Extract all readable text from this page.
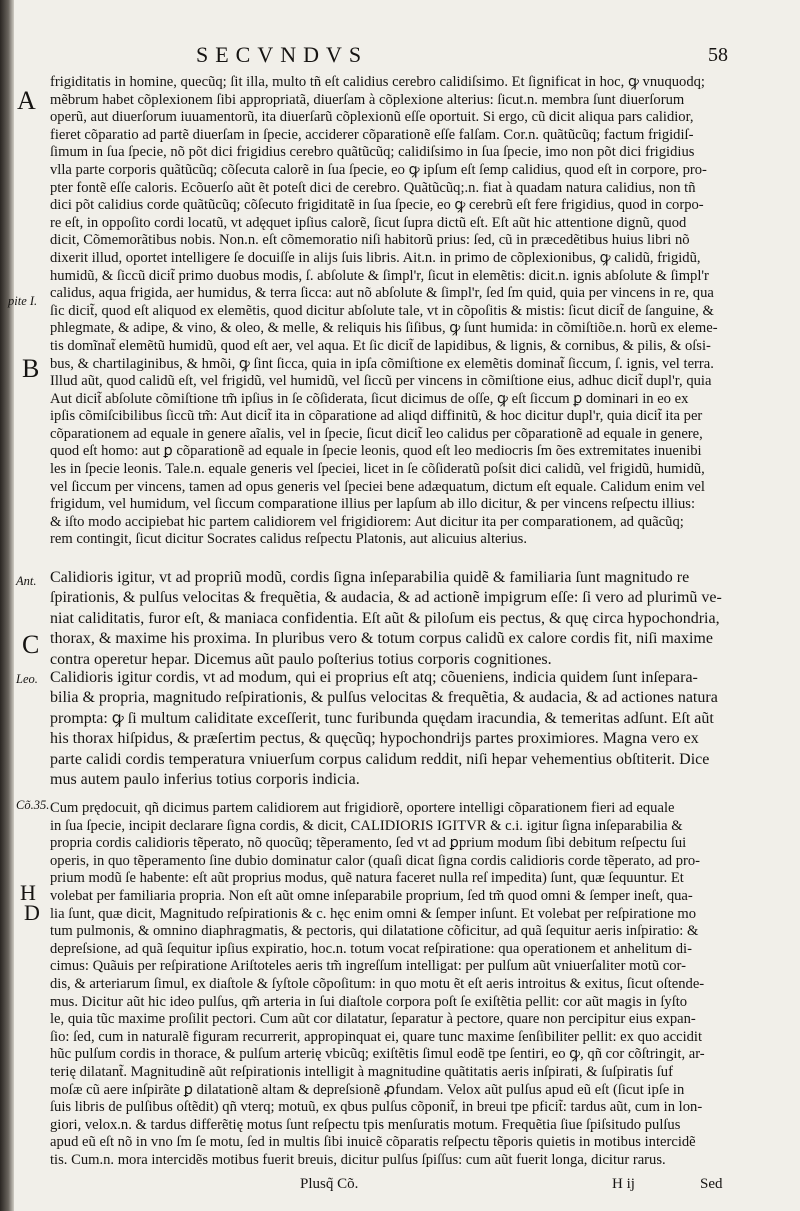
SECVNDVS	58
A
pite I.
B
Ant.
C
Leo.
Cõ.35.
H
D
frigiditatis in homine, quecũq; ſit illa, multo tñ eſt calidius cerebro calidiſsimo. Et ſignificat in hoc, ꝙ vnuquodq;
mẽbrum habet cõplexionem ſibi appropriatã, diuerſam à cõplexione alterius: ſicut.n. membra ſunt diuerſorum
operũ, aut diuerſorum iuuamentorũ, ita diuerſarũ cõplexionũ eſſe oportuit. Si ergo, cũ dicit aliqua pars calidior,
fieret cõparatio ad partẽ diuerſam in ſpecie, acciderer cõparationẽ eſſe falſam. Cor.n. quãtũcũq; factum frigidiſ-
ſimum in ſua ſpecie, nõ põt dici frigidius cerebro quãtũcũq; calidiſsimo in ſua ſpecie, imo non põt dici frigidius
vlla parte corporis quãtũcũq; cõſecuta calorẽ in ſua ſpecie, eo ꝙ ipſum eſt ſemp calidius, quod eſt in corpore, pro-
pter fontẽ eſſe caloris. Ecõuerſo aũt ẽt poteſt dici de cerebro. Quãtũcũq;.n. fiat à quadam natura calidius, non tñ
dici põt calidius corde quãtũcũq; cõſecuto frigiditatẽ in ſua ſpecie, eo ꝙ cerebrũ eſt fere frigidius, quod in corpo-
re eſt, in oppoſito cordi locatũ, vt adęquet ipſius calorẽ, ſicut ſupra dictũ eſt. Eſt aũt hic attentione dignũ, quod
dicit, Cõmemorãtibus nobis. Non.n. eſt cõmemoratio niſi habitorũ prius: ſed, cũ in præcedẽtibus huius libri nõ
dixerit illud, oportet intelligere ſe docuiſſe in alijs ſuis libris. Ait.n. in primo de cõplexionibus, ꝙ calidũ, frigidũ,
humidũ, & ſiccũ dicit̃ primo duobus modis, ſ. abſolute & ſimpl'r, ſicut in elemẽtis: dicit.n. ignis abſolute & ſimpl'r
calidus, aqua frigida, aer humidus, & terra ſicca: aut nõ abſolute & ſimpl'r, ſed ſm quid, quia per vincens in re, qua
ſic dicit̃, quod eſt aliquod ex elemẽtis, quod dicitur abſolute tale, vt in cõpoſitis & mistis: ſicut dicit̃ de ſanguine, &
phlegmate, & adipe, & vino, & oleo, & melle, & reliquis his ſiſibus, ꝙ ſunt humida: in cõmiſtiõe.n. horũ ex eleme-
tis domĩnat̃ elemẽtũ humidũ, quod eſt aer, vel aqua. Et ſic dicit̃ de lapidibus, & lignis, & cornibus, & pilis, & oſsi-
bus, & chartilaginibus, & hmõi, ꝙ ſint ſicca, quia in ipſa cõmiſtione ex elemẽtis dominat̃ ſiccum, ſ. ignis, vel terra.
Illud aũt, quod calidũ eſt, vel frigidũ, vel humidũ, vel ſiccũ per vincens in cõmiſtione eius, adhuc dicit̃ dupl'r, quia
Aut dicit̃ abſolute cõmiſtione tm̃ ipſius in ſe cõſiderata, ſicut dicimus de oſſe, ꝙ eſt ſiccum ꝑ dominari in eo ex
ipſis cõmiſcibilibus ſiccũ tm̃: Aut dicit̃ ita in cõparatione ad aliqd diffinitũ, & hoc dicitur dupl'r, quia dicit̃ ita per
cõparationem ad equale in genere aĩalis, vel in ſpecie, ſicut dicit̃ leo calidus per cõparationẽ ad equale in genere,
quod eſt homo: aut ꝑ cõparationẽ ad equale in ſpecie leonis, quod eſt leo mediocris ſm ões extremitates inuenibi
les in ſpecie leonis. Tale.n. equale generis vel ſpeciei, licet in ſe cõſideratũ poſsit dici calidũ, vel frigidũ, humidũ,
vel ſiccum per vincens, tamen ad opus generis vel ſpeciei bene adæquatum, dictum eſt equale. Calidum enim vel
frigidum, vel humidum, vel ſiccum comparatione illius per lapſum ab illo dicitur, & per vincens reſpectu illius:
& iſto modo accipiebat hic partem calidiorem vel frigidiorem: Aut dicitur ita per comparationem, ad quãcũq;
rem contingit, ſicut dicitur Socrates calidus reſpectu Platonis, aut alicuius alterius.
Calidioris igitur, vt ad propriũ modũ, cordis ſigna inſeparabilia quidẽ & familiaria ſunt magnitudo re
ſpirationis, & pulſus velocitas & frequẽtia, & audacia, & ad actionẽ impigrum eſſe: ſi vero ad plurimũ ve-
niat caliditatis, furor eſt, & maniaca confidentia. Eſt aũt & piloſum eis pectus, & quę circa hypochondria,
thorax, & maxime his proxima. In pluribus vero & totum corpus calidũ ex calore cordis fit, niſi maxime
contra operetur hepar. Dicemus aũt paulo poſterius totius corporis cognitiones.
Calidioris igitur cordis, vt ad modum, qui ei proprius eſt atq; cõueniens, indicia quidem ſunt inſepara-
bilia & propria, magnitudo reſpirationis, & pulſus velocitas & frequẽtia, & audacia, & ad actiones natura
prompta: ꝙ ſi multum caliditate exceſſerit, tunc furibunda quędam iracundia, & temeritas adſunt. Eſt aũt
his thorax hiſpidus, & præſertim pectus, & quęcũq; hypochondrijs partes proximiores. Magna vero ex
parte calidi cordis temperatura vniuerſum corpus calidum reddit, niſi hepar vehementius obſtiterit. Dice
mus autem paulo inferius totius corporis indicia.
Cum prędocuit, qñ dicimus partem calidiorem aut frigidiorẽ, oportere intelligi cõparationem fieri ad equale
in ſua ſpecie, incipit declarare ſigna cordis, & dicit, CALIDIORIS IGITVR & c.i. igitur ſigna inſeparabilia &
propria cordis calidioris tẽperato, nõ quocũq; tẽperamento, ſed vt ad ꝑprium modum ſibi debitum reſpectu ſui
operis, in quo tẽperamento ſine dubio dominatur calor (quaſi dicat ſigna cordis calidioris corde tẽperato, ad pro-
prium modũ ſe habente: eſt aũt proprius modus, quẽ natura faceret nulla reſ impedita) ſunt, quæ ſequuntur. Et
volebat per familiaria propria. Non eſt aũt omne inſeparabile proprium, ſed tm̃ quod omni & ſemper ineſt, qua-
lia ſunt, quæ dicit, Magnitudo reſpirationis & c. hęc enim omni & ſemper inſunt. Et volebat per reſpiratione mo
tum pulmonis, & omnino diaphragmatis, & pectoris, qui dilatatione cõficitur, ad quã ſequitur aeris inſpiratio: &
depreſsione, ad quã ſequitur ipſius expiratio, hoc.n. totum vocat reſpiratione: qua operationem et anhelitum di-
cimus: Quãuis per reſpiratione Ariſtoteles aeris tm̃ ingreſſum intelligat: per pulſum aũt vniuerſaliter motũ cor-
dis, & arteriarum ſimul, ex diaſtole & ſyſtole cõpoſitum: in quo motu ẽt eſt aeris introitus & exitus, ſicut oſtende-
mus. Dicitur aũt hic ideo pulſus, qm̃ arteria in ſui diaſtole corpora poſt ſe exiſtẽtia pellit: cor aũt magis in ſyſto
le, quia tũc maxime proſilit pectori. Cum aũt cor dilatatur, ſeparatur à pectore, quare non percipitur eius expan-
ſio: ſed, cum in naturalẽ figuram recurrerit, appropinquat ei, quare tunc maxime ſenſibiliter pellit: ex quo accidit
hũc pulſum cordis in thorace, & pulſum arterię vbicũq; exiſtẽtis ſimul eodẽ tpe ſentiri, eo ꝙ, qñ cor cõſtringit, ar-
terię dilatant̃. Magnitudinẽ aũt reſpirationis intelligit à magnitudine quãtitatis aeris inſpirati, & ſuſpiratis ſuf
moſæ cũ aere inſpirãte ꝑ dilatationẽ altam & depreſsionẽ ꝓfundam. Velox aũt pulſus apud eũ eſt (ſicut ipſe in
ſuis libris de pulſibus oſtẽdit) qñ vterq; motuũ, ex qbus pulſus cõponit̃, in breui tpe pficit̃: tardus aũt, cum in lon-
giori, velox.n. & tardus differẽtię motus ſunt reſpectu tpis menſuratis motum. Frequẽtia ſiue ſpiſsitudo pulſus
apud eũ eſt nõ in vno ſm ſe motu, ſed in multis ſibi inuicẽ cõparatis reſpectu tẽporis quietis in motibus intercidẽ
tis. Cum.n. mora intercidẽs motibus fuerit breuis, dicitur pulſus ſpiſſus: cum aũt fuerit longa, dicitur rarus.
Plusq̃ Cõ.	H ij	Sed
